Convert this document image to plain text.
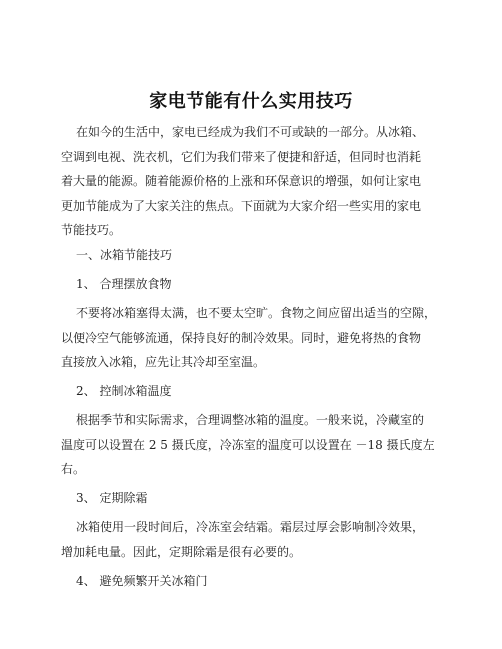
家电节能有什么实用技巧
在如今的生活中，家电已经成为我们不可或缺的一部分。从冰箱、
空调到电视、洗衣机，它们为我们带来了便捷和舒适，但同时也消耗
着大量的能源。随着能源价格的上涨和环保意识的增强，如何让家电
更加节能成为了大家关注的焦点。下面就为大家介绍一些实用的家电
节能技巧。
一、冰箱节能技巧
1、 合理摆放食物
不要将冰箱塞得太满，也不要太空旷。食物之间应留出适当的空隙，
以便冷空气能够流通，保持良好的制冷效果。同时，避免将热的食物
直接放入冰箱，应先让其冷却至室温。
2、 控制冰箱温度
根据季节和实际需求，合理调整冰箱的温度。一般来说，冷藏室的
温度可以设置在 2 5 摄氏度，冷冻室的温度可以设置在 －18 摄氏度左
右。
3、 定期除霜
冰箱使用一段时间后，冷冻室会结霜。霜层过厚会影响制冷效果，
增加耗电量。因此，定期除霜是很有必要的。
4、 避免频繁开关冰箱门
